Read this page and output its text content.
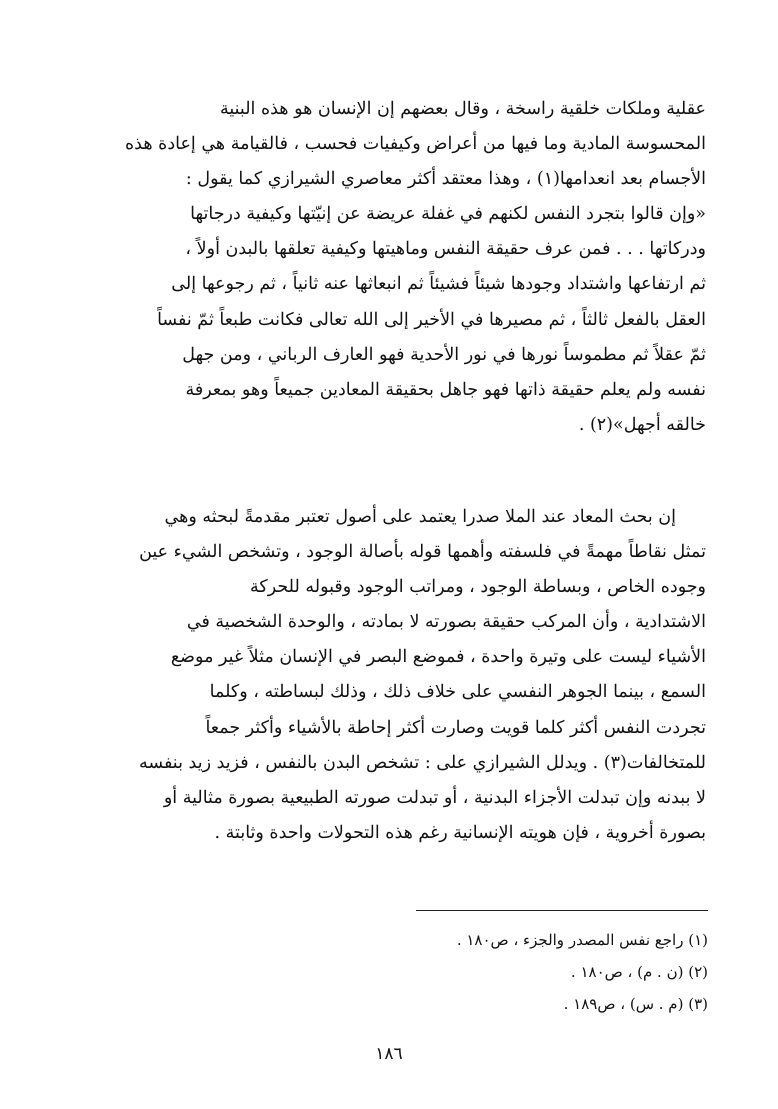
عقلية وملكات خلقية راسخة ، وقال بعضهم إن الإنسان هو هذه البنية
المحسوسة المادية وما فيها من أعراض وكيفيات فحسب ، فالقيامة هي إعادة هذه
الأجسام بعد انعدامها(١) ، وهذا معتقد أكثر معاصري الشيرازي كما يقول :
«وإن قالوا بتجرد النفس لكنهم في غفلة عريضة عن إنيّتها وكيفية درجاتها
ودركاتها . . . فمن عرف حقيقة النفس وماهيتها وكيفية تعلقها بالبدن أولاً ،
ثم ارتفاعها واشتداد وجودها شيئاً فشيئاً ثم انبعاثها عنه ثانياً ، ثم رجوعها إلى
العقل بالفعل ثالثاً ، ثم مصيرها في الأخير إلى الله تعالى فكانت طبعاً ثمّ نفساً
ثمّ عقلاً ثم مطموساً نورها في نور الأحدية فهو العارف الرباني ، ومن جهل
نفسه ولم يعلم حقيقة ذاتها فهو جاهل بحقيقة المعادين جميعاً وهو بمعرفة
خالقه أجهل»(٢) .
إن بحث المعاد عند الملا صدرا يعتمد على أصول تعتبر مقدمةً لبحثه وهي
تمثل نقاطاً مهمةً في فلسفته وأهمها قوله بأصالة الوجود ، وتشخص الشيء عين
وجوده الخاص ، وبساطة الوجود ، ومراتب الوجود وقبوله للحركة
الاشتدادية ، وأن المركب حقيقة بصورته لا بمادته ، والوحدة الشخصية في
الأشياء ليست على وتيرة واحدة ، فموضع البصر في الإنسان مثلاً غير موضع
السمع ، بينما الجوهر النفسي على خلاف ذلك ، وذلك لبساطته ، وكلما
تجردت النفس أكثر كلما قويت وصارت أكثر إحاطة بالأشياء وأكثر جمعاً
للمتخالفات(٣) . ويدلل الشيرازي على : تشخص البدن بالنفس ، فزيد زيد بنفسه
لا ببدنه وإن تبدلت الأجزاء البدنية ، أو تبدلت صورته الطبيعية بصورة مثالية أو
بصورة أخروية ، فإن هويته الإنسانية رغم هذه التحولات واحدة وثابتة .
(١) راجع نفس المصدر والجزء ، ص١٨٠ .
(٢) (ن . م) ، ص١٨٠ .
(٣) (م . س) ، ص١٨٩ .
١٨٦
